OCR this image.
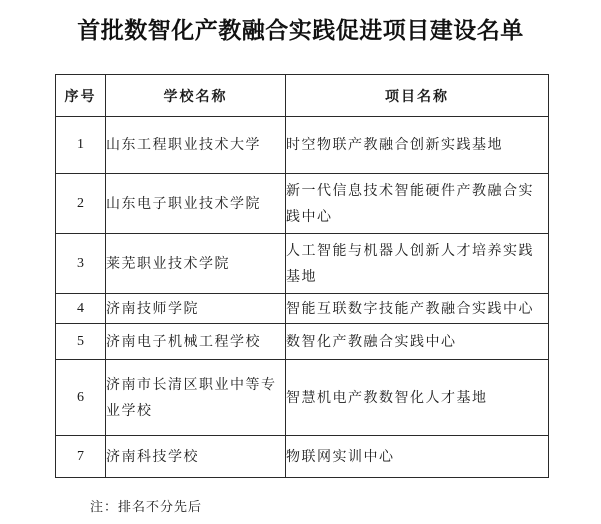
首批数智化产教融合实践促进项目建设名单
序号	学校名称	项目名称
1	山东工程职业技术大学	时空物联产教融合创新实践基地
2	山东电子职业技术学院	新一代信息技术智能硬件产教融合实践中心
3	莱芜职业技术学院	人工智能与机器人创新人才培养实践基地
4	济南技师学院	智能互联数字技能产教融合实践中心
5	济南电子机械工程学校	数智化产教融合实践中心
6	济南市长清区职业中等专业学校	智慧机电产教数智化人才基地
7	济南科技学校	物联网实训中心
注：排名不分先后
